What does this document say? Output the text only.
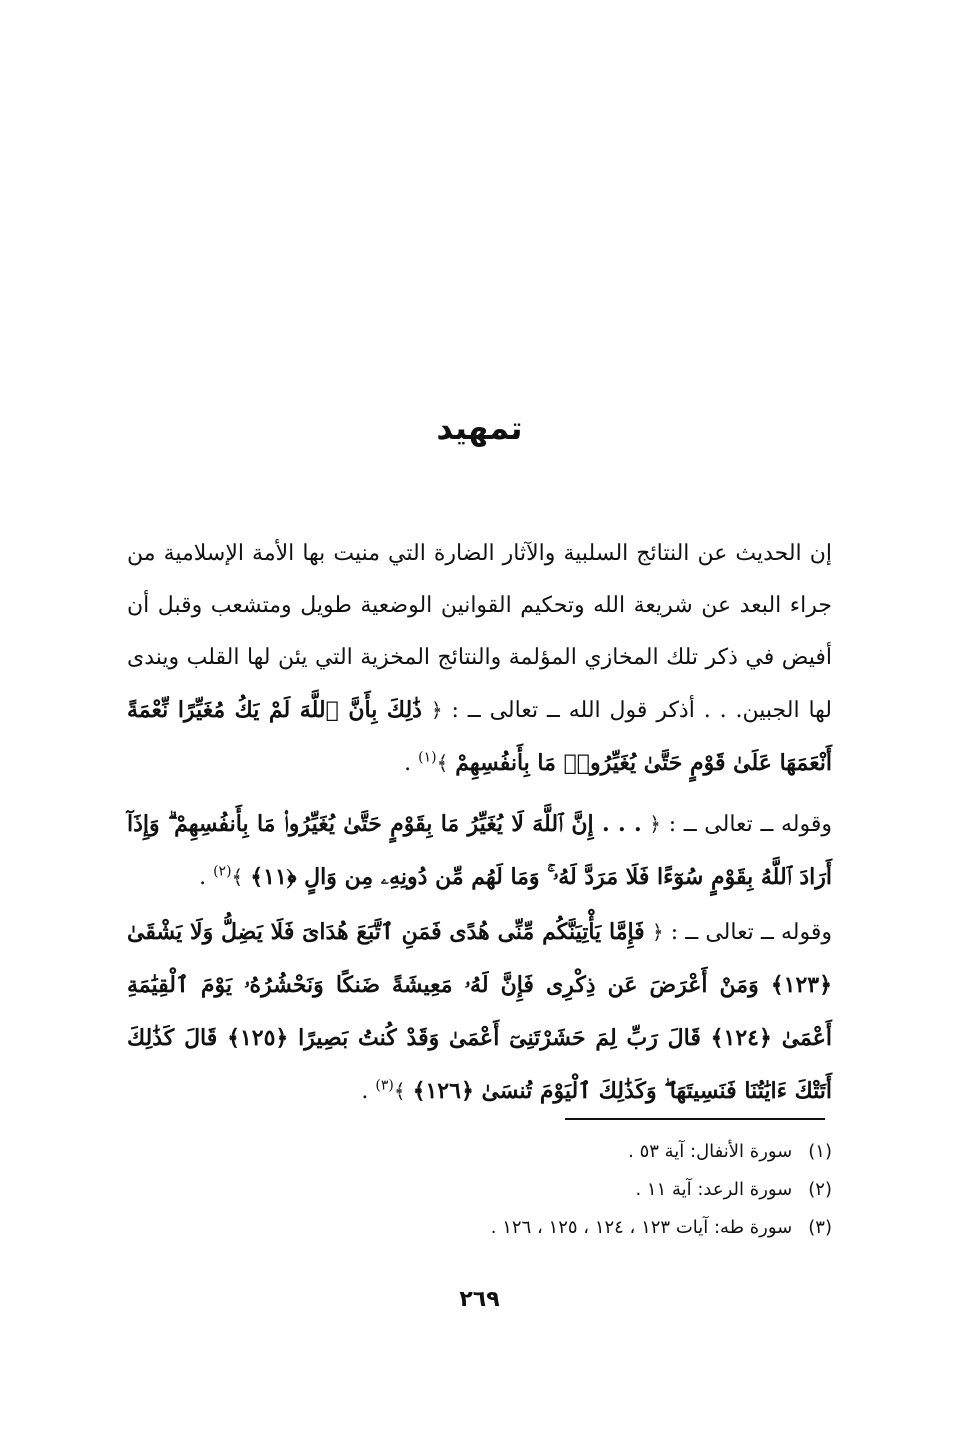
تمهيد

إن الحديث عن النتائج السلبية والآثار الضارة التي منيت بها الأمة الإسلامية من جراء البعد عن شريعة الله وتحكيم القوانين الوضعية طويل ومتشعب وقبل أن أفيض في ذكر تلك المخازي المؤلمة والنتائج المخزية التي يئن لها القلب ويندى لها الجبين. . . أذكر قول الله ــ تعالى ــ : ﴿ ذَٰلِكَ بِأَنَّ ٱللَّهَ لَمْ يَكُ مُغَيِّرًا نِّعْمَةً أَنْعَمَهَا عَلَىٰ قَوْمٍ حَتَّىٰ يُغَيِّرُوا۟ مَا بِأَنفُسِهِمْ ﴾$^{(١)}$ .

وقوله ــ تعالى ــ : ﴿ . . . إِنَّ ٱللَّهَ لَا يُغَيِّرُ مَا بِقَوْمٍ حَتَّىٰ يُغَيِّرُوا۟ مَا بِأَنفُسِهِمْ ۗ وَإِذَآ أَرَادَ ٱللَّهُ بِقَوْمٍ سُوٓءًا فَلَا مَرَدَّ لَهُۥ ۚ وَمَا لَهُم مِّن دُونِهِۦ مِن وَالٍ ﴿١١﴾ ﴾$^{(٢)}$ .

وقوله ــ تعالى ــ : ﴿ فَإِمَّا يَأْتِيَنَّكُم مِّنِّى هُدًى فَمَنِ ٱتَّبَعَ هُدَاىَ فَلَا يَضِلُّ وَلَا يَشْقَىٰ ﴿١٢٣﴾ وَمَنْ أَعْرَضَ عَن ذِكْرِى فَإِنَّ لَهُۥ مَعِيشَةً ضَنكًا وَنَحْشُرُهُۥ يَوْمَ ٱلْقِيَٰمَةِ أَعْمَىٰ ﴿١٢٤﴾ قَالَ رَبِّ لِمَ حَشَرْتَنِىٓ أَعْمَىٰ وَقَدْ كُنتُ بَصِيرًا ﴿١٢٥﴾ قَالَ كَذَٰلِكَ أَتَتْكَ ءَايَٰتُنَا فَنَسِيتَهَا ۖ وَكَذَٰلِكَ ٱلْيَوْمَ تُنسَىٰ ﴿١٢٦﴾ ﴾$^{(٣)}$ .

(١) سورة الأنفال: آية ٥٣ .
(٢) سورة الرعد: آية ١١ .
(٣) سورة طه: آيات ١٢٣ ، ١٢٤ ، ١٢٥ ، ١٢٦ .
٢٦٩
